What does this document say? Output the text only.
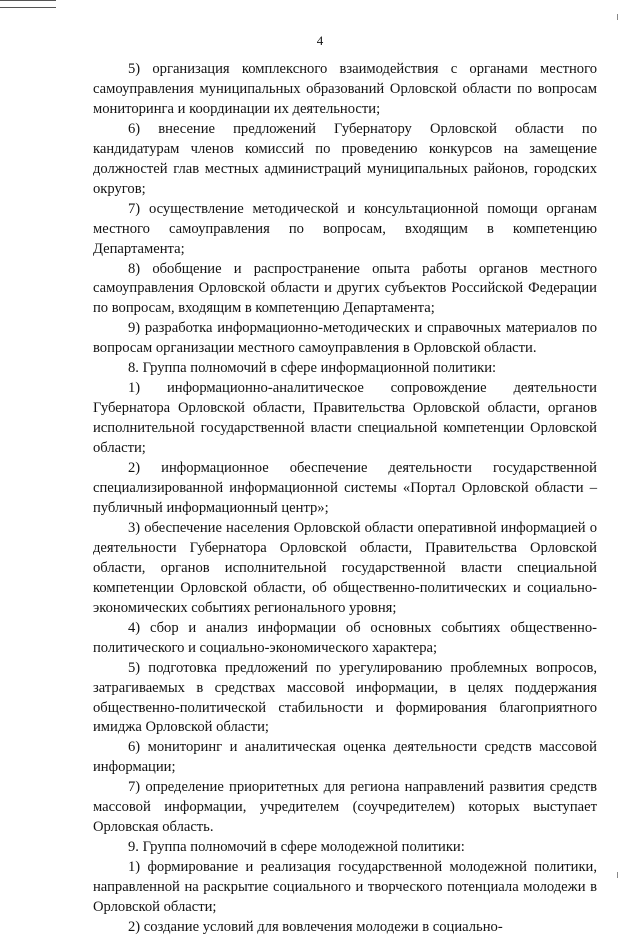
4

5) организация комплексного взаимодействия с органами местного самоуправления муниципальных образований Орловской области по вопросам мониторинга и координации их деятельности;

6) внесение предложений Губернатору Орловской области по кандидатурам членов комиссий по проведению конкурсов на замещение должностей глав местных администраций муниципальных районов, городских округов;

7) осуществление методической и консультационной помощи органам местного самоуправления по вопросам, входящим в компетенцию Департамента;

8) обобщение и распространение опыта работы органов местного самоуправления Орловской области и других субъектов Российской Федерации по вопросам, входящим в компетенцию Департамента;

9) разработка информационно-методических и справочных материалов по вопросам организации местного самоуправления в Орловской области.

8. Группа полномочий в сфере информационной политики:

1) информационно-аналитическое сопровождение деятельности Губернатора Орловской области, Правительства Орловской области, органов исполнительной государственной власти специальной компетенции Орловской области;

2) информационное обеспечение деятельности государственной специализированной информационной системы «Портал Орловской области – публичный информационный центр»;

3) обеспечение населения Орловской области оперативной информацией о деятельности Губернатора Орловской области, Правительства Орловской области, органов исполнительной государственной власти специальной компетенции Орловской области, об общественно-политических и социально-экономических событиях регионального уровня;

4) сбор и анализ информации об основных событиях общественно-политического и социально-экономического характера;

5) подготовка предложений по урегулированию проблемных вопросов, затрагиваемых в средствах массовой информации, в целях поддержания общественно-политической стабильности и формирования благоприятного имиджа Орловской области;

6) мониторинг и аналитическая оценка деятельности средств массовой информации;

7) определение приоритетных для региона направлений развития средств массовой информации, учредителем (соучредителем) которых выступает Орловская область.

9. Группа полномочий в сфере молодежной политики:

1) формирование и реализация государственной молодежной политики, направленной на раскрытие социального и творческого потенциала молодежи в Орловской области;

2) создание условий для вовлечения молодежи в социально-
